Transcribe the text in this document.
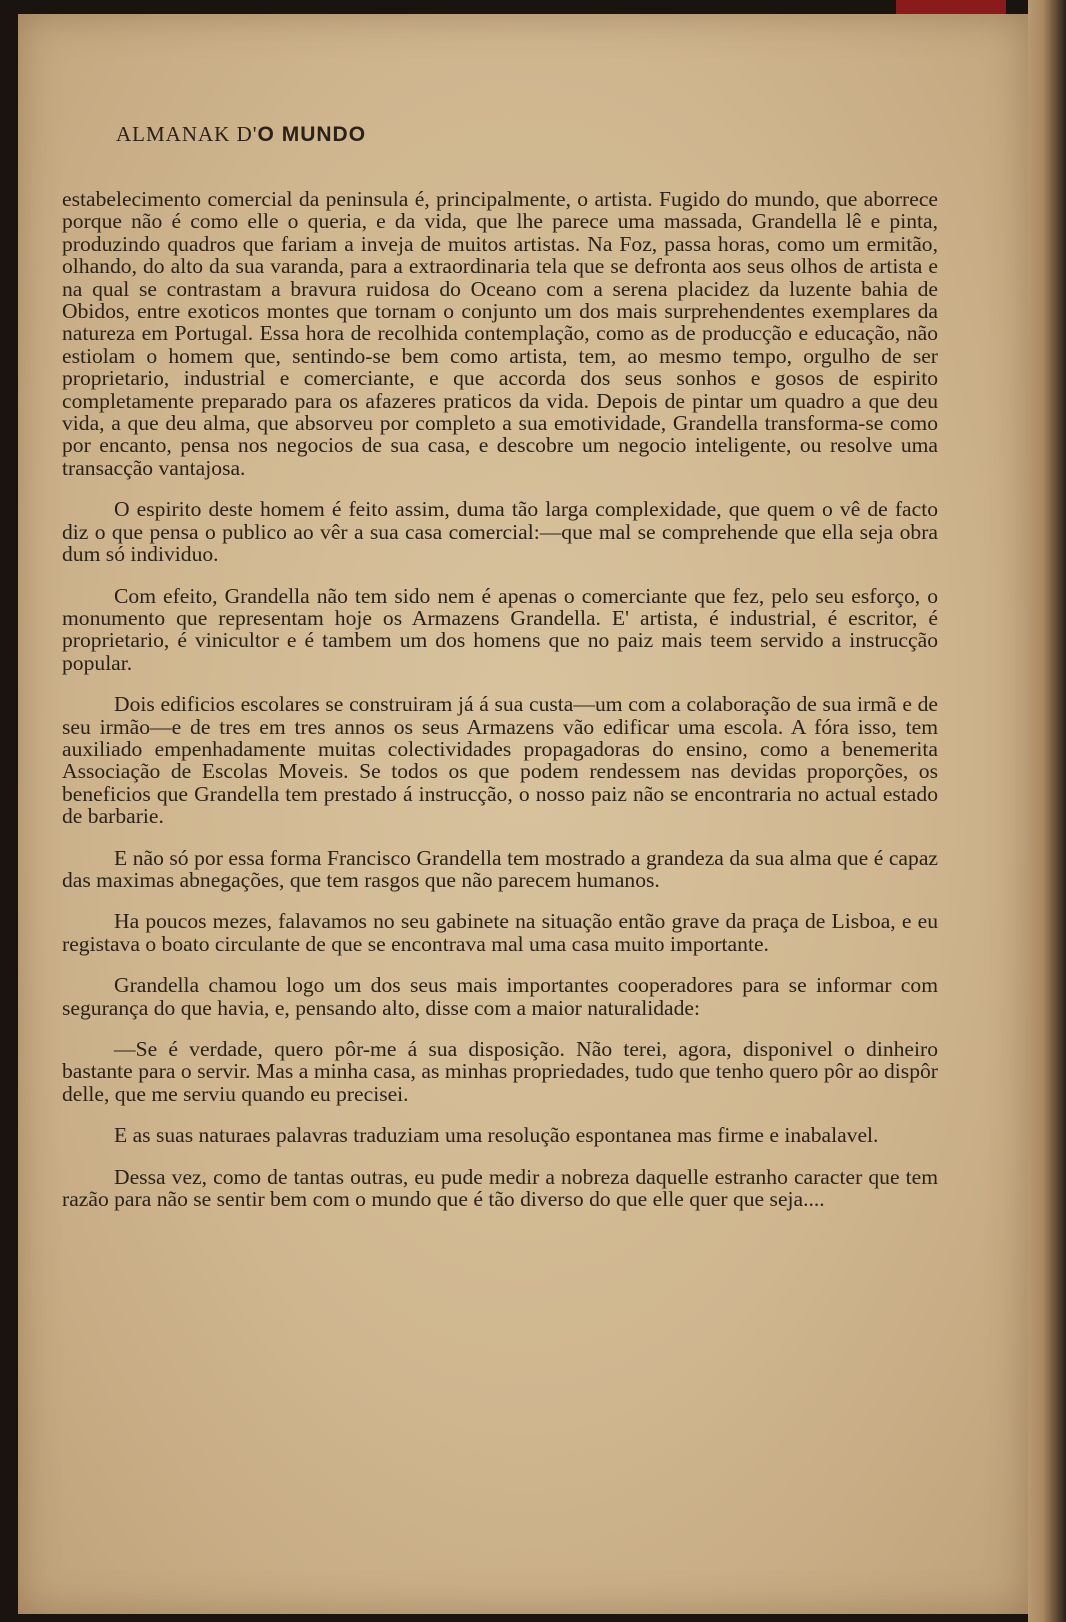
ALMANAK D'O MUNDO

estabelecimento comercial da peninsula é, principalmente, o artista. Fugido do mundo, que aborrece porque não é como elle o queria, e da vida, que lhe parece uma massada, Grandella lê e pinta, produzindo quadros que fariam a inveja de muitos artistas. Na Foz, passa horas, como um ermitão, olhando, do alto da sua varanda, para a extraordinaria tela que se defronta aos seus olhos de artista e na qual se contrastam a bravura ruidosa do Oceano com a serena placidez da luzente bahia de Obidos, entre exoticos montes que tornam o conjunto um dos mais surprehendentes exemplares da natureza em Portugal. Essa hora de recolhida contemplação, como as de producção e educação, não estiolam o homem que, sentindo-se bem como artista, tem, ao mesmo tempo, orgulho de ser proprietario, industrial e comerciante, e que accorda dos seus sonhos e gosos de espirito completamente preparado para os afazeres praticos da vida. Depois de pintar um quadro a que deu vida, a que deu alma, que absorveu por completo a sua emotividade, Grandella transforma-se como por encanto, pensa nos negocios de sua casa, e descobre um negocio inteligente, ou resolve uma transacção vantajosa.

O espirito deste homem é feito assim, duma tão larga complexidade, que quem o vê de facto diz o que pensa o publico ao vêr a sua casa comercial:—que mal se comprehende que ella seja obra dum só individuo.

Com efeito, Grandella não tem sido nem é apenas o comerciante que fez, pelo seu esforço, o monumento que representam hoje os Armazens Grandella. E' artista, é industrial, é escritor, é proprietario, é vinicultor e é tambem um dos homens que no paiz mais teem servido a instrucção popular.

Dois edificios escolares se construiram já á sua custa—um com a colaboração de sua irmã e de seu irmão—e de tres em tres annos os seus Armazens vão edificar uma escola. A fóra isso, tem auxiliado empenhadamente muitas colectividades propagadoras do ensino, como a benemerita Associação de Escolas Moveis. Se todos os que podem rendessem nas devidas proporções, os beneficios que Grandella tem prestado á instrucção, o nosso paiz não se encontraria no actual estado de barbarie.

E não só por essa forma Francisco Grandella tem mostrado a grandeza da sua alma que é capaz das maximas abnegações, que tem rasgos que não parecem humanos.

Ha poucos mezes, falavamos no seu gabinete na situação então grave da praça de Lisboa, e eu registava o boato circulante de que se encontrava mal uma casa muito importante.

Grandella chamou logo um dos seus mais importantes cooperadores para se informar com segurança do que havia, e, pensando alto, disse com a maior naturalidade:

—Se é verdade, quero pôr-me á sua disposição. Não terei, agora, disponivel o dinheiro bastante para o servir. Mas a minha casa, as minhas propriedades, tudo que tenho quero pôr ao dispôr delle, que me serviu quando eu precisei.

E as suas naturaes palavras traduziam uma resolução espontanea mas firme e inabalavel.

Dessa vez, como de tantas outras, eu pude medir a nobreza daquelle estranho caracter que tem razão para não se sentir bem com o mundo que é tão diverso do que elle quer que seja....
